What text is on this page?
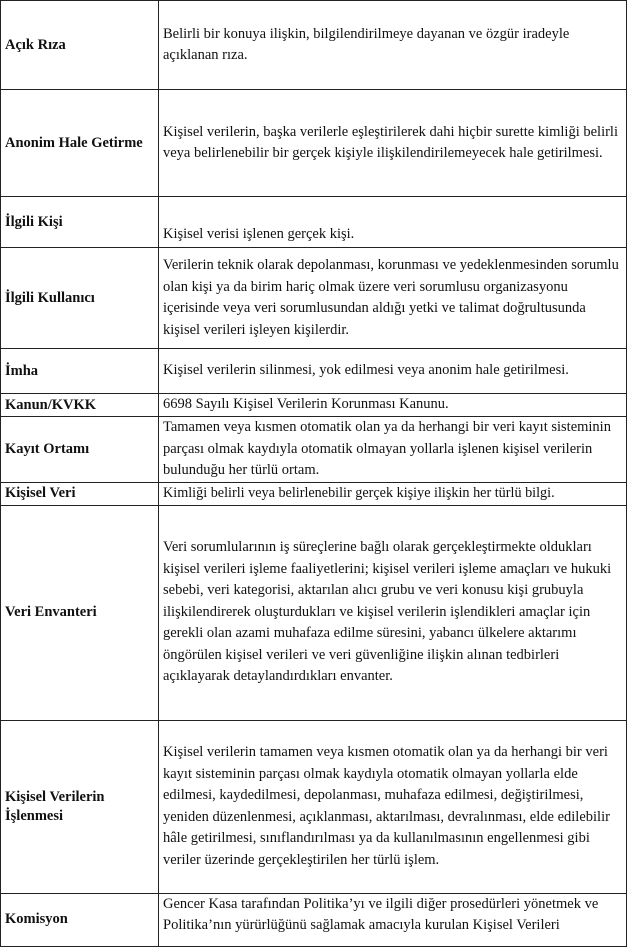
Açık Rıza	Belirli bir konuya ilişkin, bilgilendirilmeye dayanan ve özgür iradeyle açıklanan rıza.
Anonim Hale Getirme	Kişisel verilerin, başka verilerle eşleştirilerek dahi hiçbir surette kimliği belirli veya belirlenebilir bir gerçek kişiyle ilişkilendirilemeyecek hale getirilmesi.
İlgili Kişi	Kişisel verisi işlenen gerçek kişi.
İlgili Kullanıcı	Verilerin teknik olarak depolanması, korunması ve yedeklenmesinden sorumlu olan kişi ya da birim hariç olmak üzere veri sorumlusu organizasyonu içerisinde veya veri sorumlusundan aldığı yetki ve talimat doğrultusunda kişisel verileri işleyen kişilerdir.
İmha	Kişisel verilerin silinmesi, yok edilmesi veya anonim hale getirilmesi.
Kanun/KVKK	6698 Sayılı Kişisel Verilerin Korunması Kanunu.
Kayıt Ortamı	Tamamen veya kısmen otomatik olan ya da herhangi bir veri kayıt sisteminin parçası olmak kaydıyla otomatik olmayan yollarla işlenen kişisel verilerin bulunduğu her türlü ortam.
Kişisel Veri	Kimliği belirli veya belirlenebilir gerçek kişiye ilişkin her türlü bilgi.
Veri Envanteri	Veri sorumlularının iş süreçlerine bağlı olarak gerçekleştirmekte oldukları kişisel verileri işleme faaliyetlerini; kişisel verileri işleme amaçları ve hukuki sebebi, veri kategorisi, aktarılan alıcı grubu ve veri konusu kişi grubuyla ilişkilendirerek oluşturdukları ve kişisel verilerin işlendikleri amaçlar için gerekli olan azami muhafaza edilme süresini, yabancı ülkelere aktarımı öngörülen kişisel verileri ve veri güvenliğine ilişkin alınan tedbirleri açıklayarak detaylandırdıkları envanter.
Kişisel Verilerin İşlenmesi	Kişisel verilerin tamamen veya kısmen otomatik olan ya da herhangi bir veri kayıt sisteminin parçası olmak kaydıyla otomatik olmayan yollarla elde edilmesi, kaydedilmesi, depolanması, muhafaza edilmesi, değiştirilmesi, yeniden düzenlenmesi, açıklanması, aktarılması, devralınması, elde edilebilir hâle getirilmesi, sınıflandırılması ya da kullanılmasının engellenmesi gibi veriler üzerinde gerçekleştirilen her türlü işlem.
Komisyon	Gencer Kasa tarafından Politika’yı ve ilgili diğer prosedürleri yönetmek ve Politika’nın yürürlüğünü sağlamak amacıyla kurulan Kişisel Verileri
